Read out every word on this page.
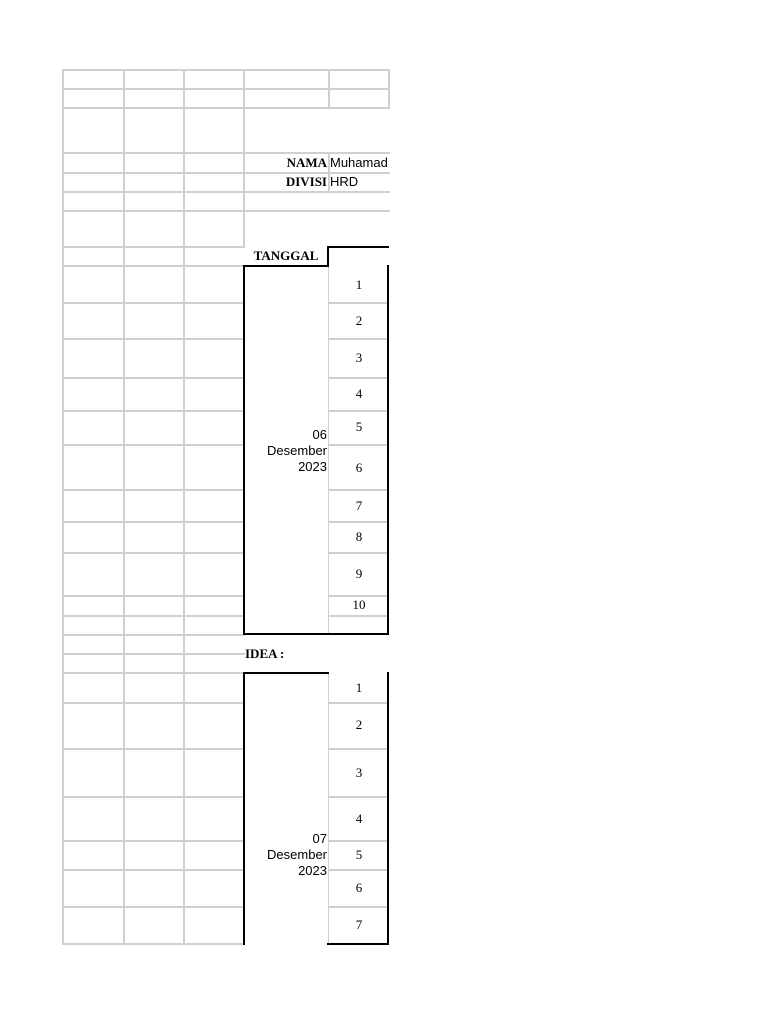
NAMA Muhamad
DIVISI HRD
TANGGAL
06
Desember
2023
1
2
3
4
5
6
7
8
9
10
IDEA :
07
Desember
2023
1
2
3
4
5
6
7
